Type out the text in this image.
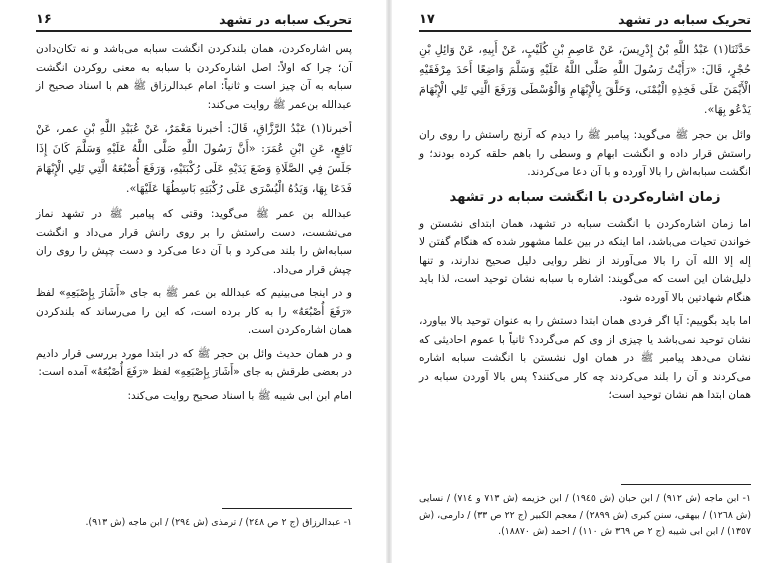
تحریک سبابه در تشهد
۱۶

پس اشاره‌کردن، همان بلندکردن انگشت سبابه می‌باشد و نه تکان‌دادن آن؛ چرا که اولاً: اصل اشاره‌کردن با سبابه به معنی روکردن انگشت سبابه به آن چیز است و ثانیاً: امام عبدالرزاق ﷺ هم با اسناد صحیح از عبدالله بن‌عمر ﷺ روایت می‌کند:

أخبرنا(١) عَبْدُ الرَّزَّاقِ، قَالَ: أخبرنا مَعْمَرٌ، عَنْ عُبَيْدِ اللَّهِ بْنِ عمر، عَنْ نَافِعٍ، عَنِ ابْنِ عُمَرَ: «أَنَّ رَسُولَ اللَّهِ صَلَّى اللَّهُ عَلَيْهِ وَسَلَّمَ كَانَ إِذَا جَلَسَ فِي الصَّلَاةِ وَضَعَ يَدَيْهِ عَلَى رُكْبَتَيْهِ، وَرَفَعَ أُصْبُعَهُ الَّتِي تَلِي الْإِبْهَامَ فَدَعَا بِهَا، وَيَدُهُ الْيُسْرَى عَلَى رُكْبَتِهِ بَاسِطُهَا عَلَيْهَا».

عبدالله بن عمر ﷺ می‌گوید: وقتی که پیامبر ﷺ در تشهد نماز می‌نشست، دست راستش را بر روی رانش قرار می‌داد و انگشت سبابه‌اش را بلند می‌کرد و با آن دعا می‌کرد و دست چپش را روی ران چپش قرار می‌داد.

و در اینجا می‌بینیم که عبدالله بن عمر ﷺ به جای «أَشَارَ بِإِصْبَعِهِ» لفظ «رَفَعَ أُصْبُعَهُ» را به کار برده است، که این را می‌رساند که بلندکردن همان اشاره‌کردن است.

و در همان حدیث وائل بن حجر ﷺ که در ابتدا مورد بررسی قرار دادیم در بعضی طرقش به جای «أَشَارَ بِإِصْبَعِهِ» لفظ «رَفَعَ أُصْبُعَهُ» آمده است:

امام ابن ابی شیبه ﷺ با اسناد صحیح روایت می‌کند:

١- عبدالرزاق (ج ٢ ص ٢٤٨) / ترمذی (ش ٢٩٤) / ابن ماجه (ش ٩١٣).

تحریک سبابه در تشهد
۱۷

حَدَّثَنَا(١) عَبْدُ اللَّهِ بْنُ إِدْرِيسَ، عَنْ عَاصِمِ بْنِ كُلَيْبٍ، عَنْ أَبِيهِ، عَنْ وَائِلِ بْنِ حُجْرٍ، قَالَ: «رَأَيْتُ رَسُولَ اللَّهِ صَلَّى اللَّهُ عَلَيْهِ وَسَلَّمَ وَاضِعًا أَحَدَ مِرْفَقَيْهِ الْأَيْمَنَ عَلَى فَخِذِهِ الْيُمْنَى، وَحَلَّقَ بِالْإِبْهَامِ وَالْوُسْطَى وَرَفَعَ الَّتِي تَلِي الْإِبْهَامَ يَدْعُو بِهَا».

وائل بن حجر ﷺ می‌گوید: پیامبر ﷺ را دیدم که آرنج راستش را روی ران راستش قرار داده و انگشت ابهام و وسطی را باهم حلقه کرده بودند؛ و انگشت سبابه‌اش را بالا آورده و با آن دعا می‌کردند.

زمان اشاره‌کردن با انگشت سبابه در تشهد

اما زمان اشاره‌کردن با انگشت سبابه در تشهد، همان ابتدای نشستن و خواندن تحیات می‌باشد، اما اینکه در بین علما مشهور شده که هنگام گفتن لا إله إلا الله آن را بالا می‌آورند از نظر روایی دلیل صحیح ندارند، و تنها دلیل‌شان این است که می‌گویند: اشاره با سبابه نشان توحید است، لذا باید هنگام شهادتین بالا آورده شود.

اما باید بگوییم: آیا اگر فردی همان ابتدا دستش را به عنوان توحید بالا بیاورد، نشان توحید نمی‌باشد یا چیزی از وی کم می‌گردد؟ ثانیاً با عموم احادیثی که نشان می‌دهد پیامبر ﷺ در همان اول نشستن با انگشت سبابه اشاره می‌کردند و آن را بلند می‌کردند چه کار می‌کنند؟ پس بالا آوردن سبابه در همان ابتدا هم نشان توحید است؛

١- ابن ماجه (ش ٩١٢) / ابن حبان (ش ١٩٤٥) / ابن خزیمه (ش ٧١٣ و ٧١٤) / نسایی (ش ١٢٦٨) / بیهقی، سنن کبری (ش ٢٨٩٩) / معجم الکبیر (ج ٢٢ ص ٣٣) / دارمی، (ش ١٣٥٧) / ابن ابی شیبه (ج ٢ ص ٣٦٩ ش ١١٠) / احمد (ش ١٨٨٧٠).
